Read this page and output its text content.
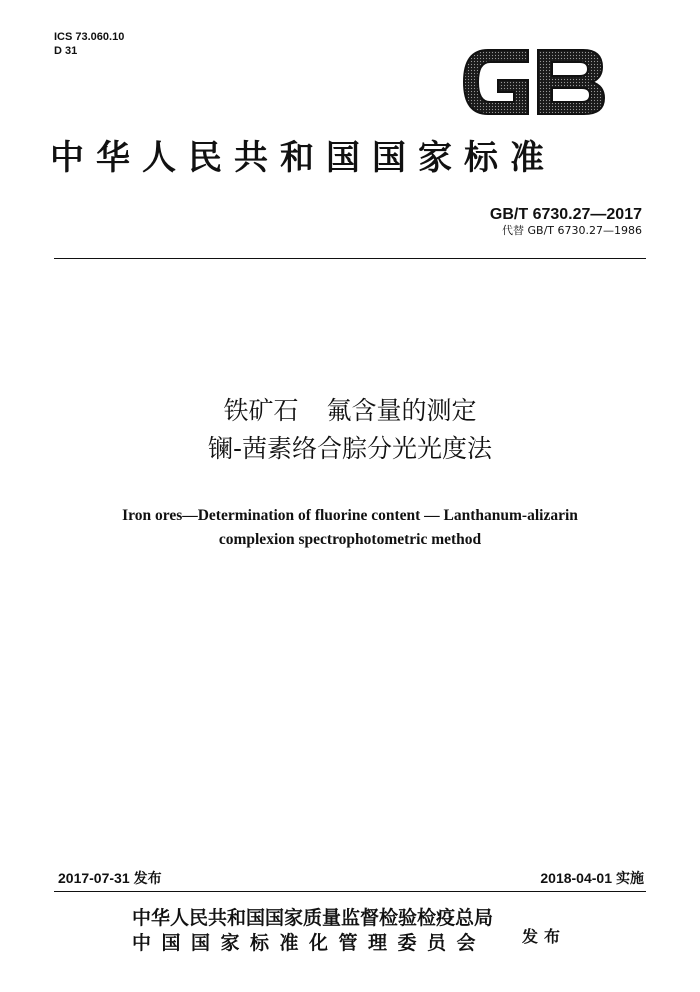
ICS 73.060.10
D 31
中华人民共和国国家标准
GB/T 6730.27—2017
代替 GB/T 6730.27—1986
铁矿石 氟含量的测定
镧-茜素络合腙分光光度法
Iron ores—Determination of fluorine content — Lanthanum-alizarin
complexion spectrophotometric method
2017-07-31 发布	2018-04-01 实施
中华人民共和国国家质量监督检验检疫总局
中国国家标准化管理委员会	发布
